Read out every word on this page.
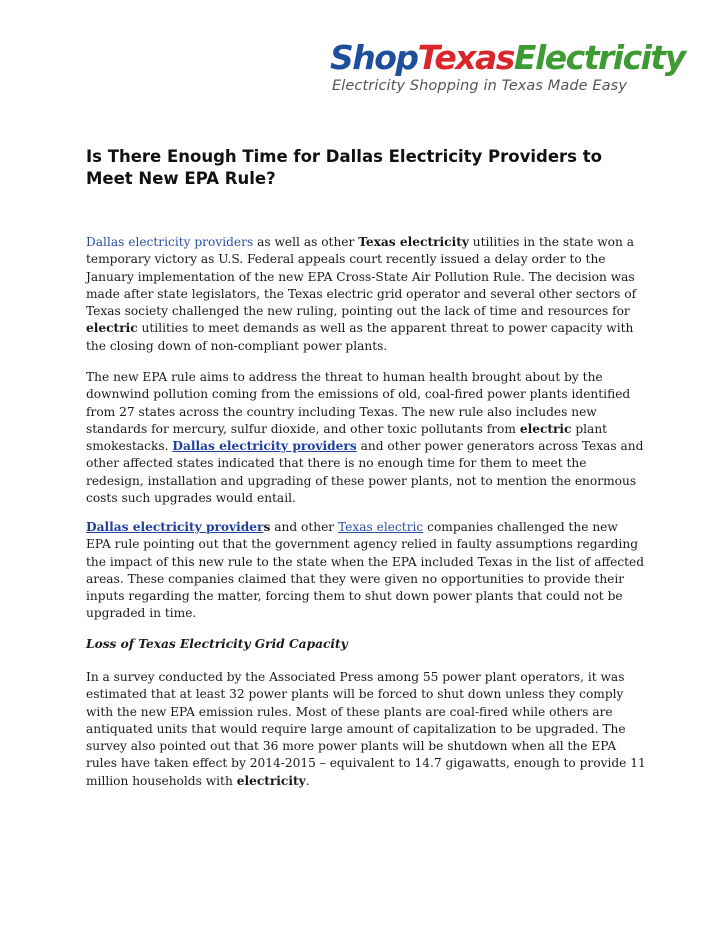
ShopTexasElectricity
Electricity Shopping in Texas Made Easy
Is There Enough Time for Dallas Electricity Providers to Meet New EPA Rule?

Dallas electricity providers as well as other Texas electricity utilities in the state won a temporary victory as U.S. Federal appeals court recently issued a delay order to the January implementation of the new EPA Cross-State Air Pollution Rule. The decision was made after state legislators, the Texas electric grid operator and several other sectors of Texas society challenged the new ruling, pointing out the lack of time and resources for electric utilities to meet demands as well as the apparent threat to power capacity with the closing down of non-compliant power plants.

The new EPA rule aims to address the threat to human health brought about by the downwind pollution coming from the emissions of old, coal-fired power plants identified from 27 states across the country including Texas. The new rule also includes new standards for mercury, sulfur dioxide, and other toxic pollutants from electric plant smokestacks. Dallas electricity providers and other power generators across Texas and other affected states indicated that there is no enough time for them to meet the redesign, installation and upgrading of these power plants, not to mention the enormous costs such upgrades would entail.

Dallas electricity providers and other Texas electric companies challenged the new EPA rule pointing out that the government agency relied in faulty assumptions regarding the impact of this new rule to the state when the EPA included Texas in the list of affected areas. These companies claimed that they were given no opportunities to provide their inputs regarding the matter, forcing them to shut down power plants that could not be upgraded in time.

Loss of Texas Electricity Grid Capacity

In a survey conducted by the Associated Press among 55 power plant operators, it was estimated that at least 32 power plants will be forced to shut down unless they comply with the new EPA emission rules. Most of these plants are coal-fired while others are antiquated units that would require large amount of capitalization to be upgraded. The survey also pointed out that 36 more power plants will be shutdown when all the EPA rules have taken effect by 2014-2015 – equivalent to 14.7 gigawatts, enough to provide 11 million households with electricity.
